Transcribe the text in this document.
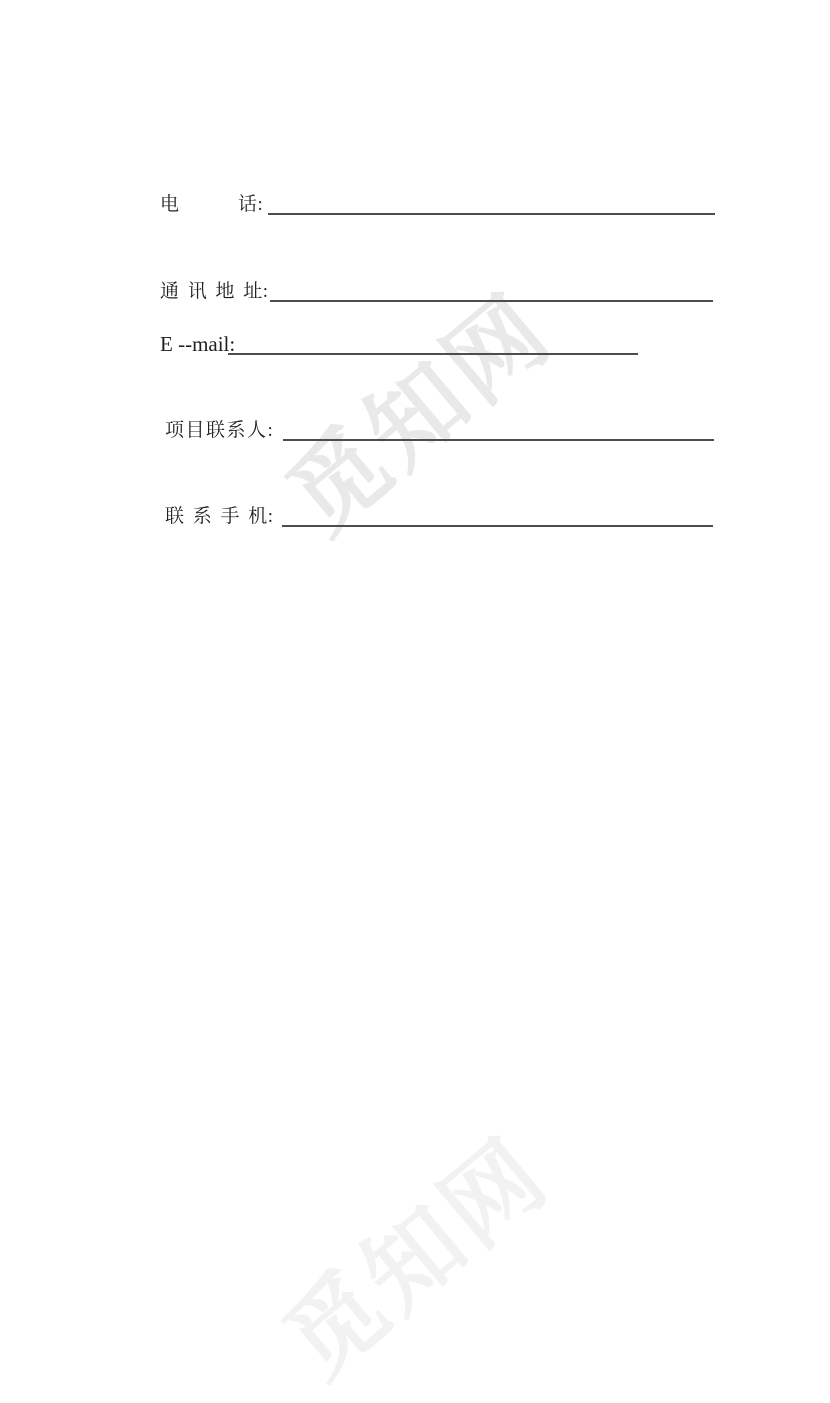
觅知网
觅知网
电　　　话:
通 讯 地 址:
E --mail:
项目联系人:
联 系 手 机:
